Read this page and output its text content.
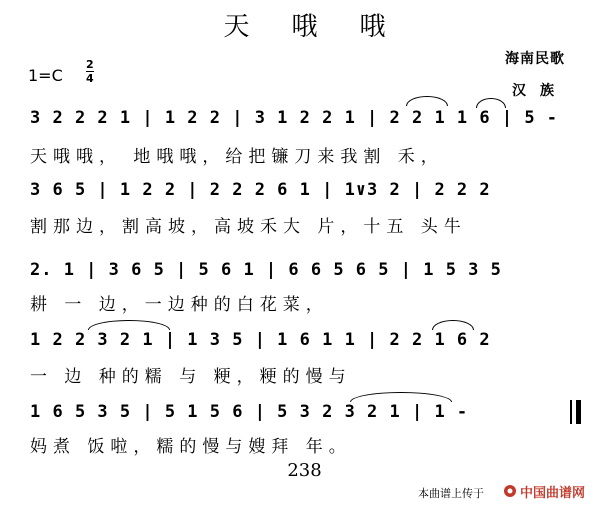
天哦哦
海南民歌
汉族
1=C
2
4
3 2 2 2 1 | 1 2 2 | 3 1 2 2 1 | 2 2 1 1 6 | 5 -
天哦哦， 地哦哦，给把镰刀来我割 禾，
3 6 5 | 1 2 2 | 2 2 2 6 1 | 1∨3 2 | 2 2 2
割那边，割高坡，高坡禾大 片，十五 头牛
2. 1 | 3 6 5 | 5 6 1 | 6 6 5 6 5 | 1 5 3 5
耕 一 边，一边种的白花菜，
1 2 2 3 2 1 | 1 3 5 | 1 6 1 1 | 2 2 1 6 2
一 边 种的糯 与 粳，粳的慢与
1 6 5 3 5 | 5 1 5 6 | 5 3 2 3 2 1 | 1 -
妈煮 饭啦，糯的慢与嫂拜 年。
238
本曲谱上传于	中国曲谱网
